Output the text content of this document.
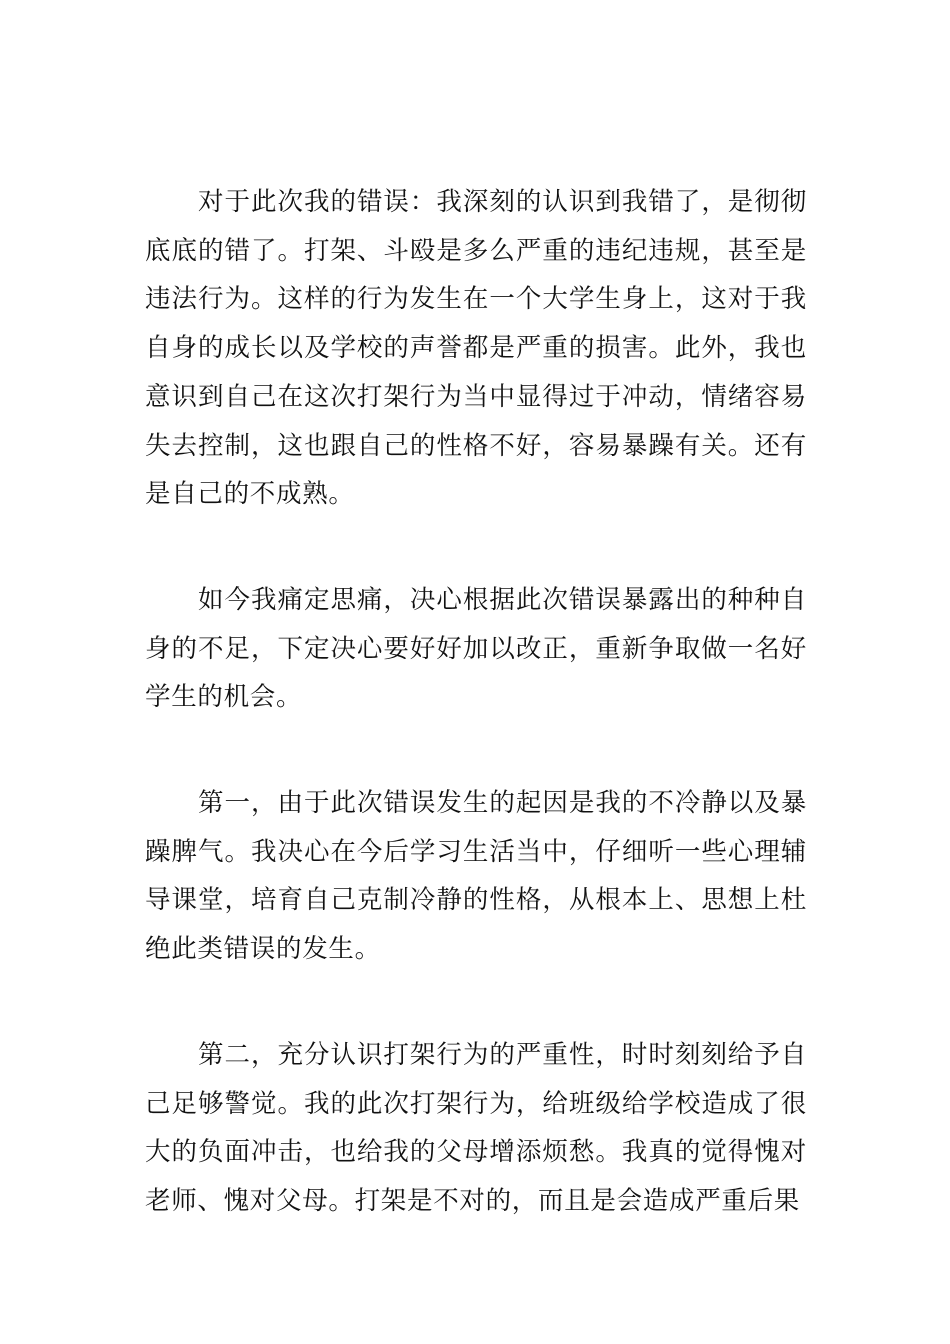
对于此次我的错误：我深刻的认识到我错了，是彻彻底底的错了。打架、斗殴是多么严重的违纪违规，甚至是违法行为。这样的行为发生在一个大学生身上，这对于我自身的成长以及学校的声誉都是严重的损害。此外，我也意识到自己在这次打架行为当中显得过于冲动，情绪容易失去控制，这也跟自己的性格不好，容易暴躁有关。还有是自己的不成熟。

如今我痛定思痛，决心根据此次错误暴露出的种种自身的不足，下定决心要好好加以改正，重新争取做一名好学生的机会。

第一，由于此次错误发生的起因是我的不冷静以及暴躁脾气。我决心在今后学习生活当中，仔细听一些心理辅导课堂，培育自己克制冷静的性格，从根本上、思想上杜绝此类错误的发生。

第二，充分认识打架行为的严重性，时时刻刻给予自己足够警觉。我的此次打架行为，给班级给学校造成了很大的负面冲击，也给我的父母增添烦愁。我真的觉得愧对老师、愧对父母。打架是不对的，而且是会造成严重后果
